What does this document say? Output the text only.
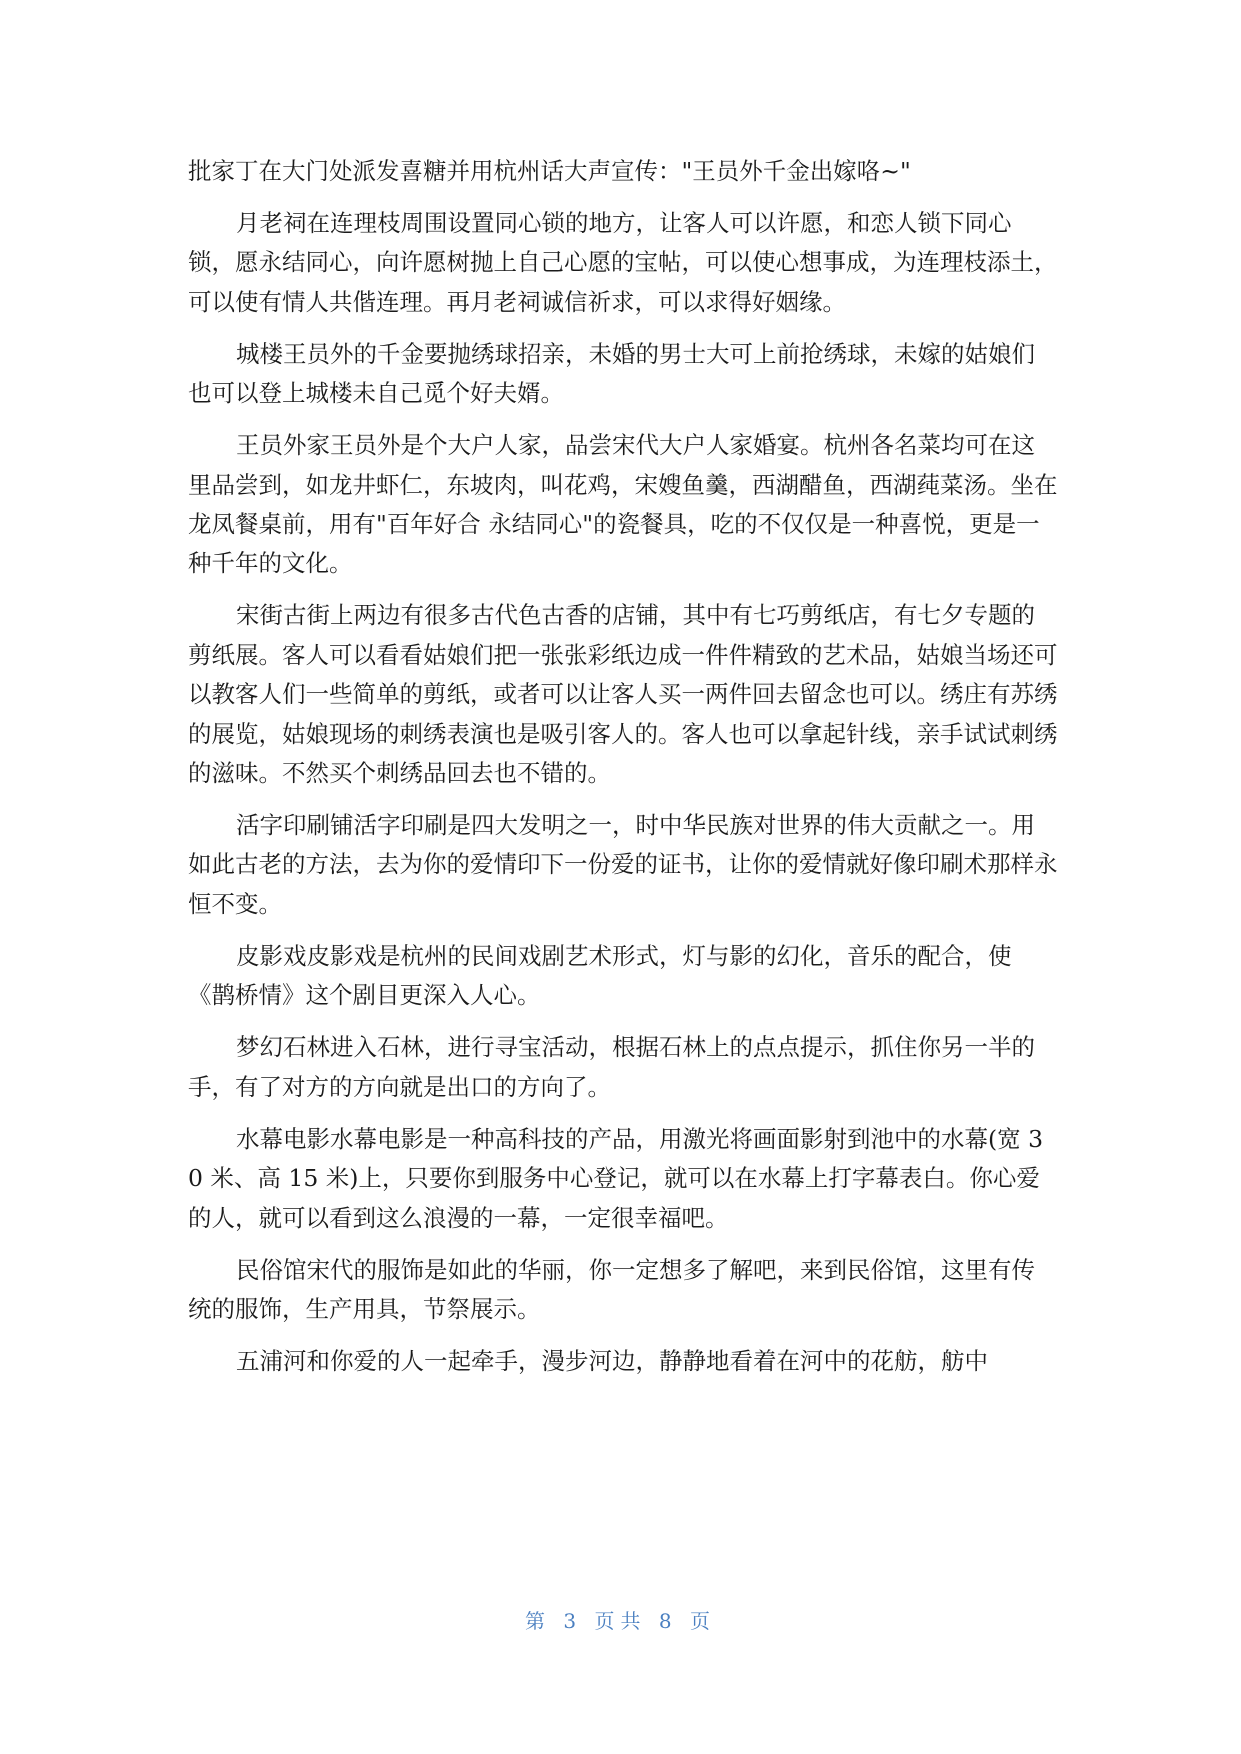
批家丁在大门处派发喜糖并用杭州话大声宣传："王员外千金出嫁咯~"

月老祠在连理枝周围设置同心锁的地方，让客人可以许愿，和恋人锁下同心锁，愿永结同心，向许愿树抛上自己心愿的宝帖，可以使心想事成，为连理枝添土，可以使有情人共偕连理。再月老祠诚信祈求，可以求得好姻缘。

城楼王员外的千金要抛绣球招亲，未婚的男士大可上前抢绣球，未嫁的姑娘们也可以登上城楼未自己觅个好夫婿。

王员外家王员外是个大户人家，品尝宋代大户人家婚宴。杭州各名菜均可在这里品尝到，如龙井虾仁，东坡肉，叫花鸡，宋嫂鱼羹，西湖醋鱼，西湖莼菜汤。坐在龙凤餐桌前，用有"百年好合 永结同心"的瓷餐具，吃的不仅仅是一种喜悦，更是一种千年的文化。

宋街古街上两边有很多古代色古香的店铺，其中有七巧剪纸店，有七夕专题的剪纸展。客人可以看看姑娘们把一张张彩纸边成一件件精致的艺术品，姑娘当场还可以教客人们一些简单的剪纸，或者可以让客人买一两件回去留念也可以。绣庄有苏绣的展览，姑娘现场的刺绣表演也是吸引客人的。客人也可以拿起针线，亲手试试刺绣的滋味。不然买个刺绣品回去也不错的。

活字印刷铺活字印刷是四大发明之一，时中华民族对世界的伟大贡献之一。用如此古老的方法，去为你的爱情印下一份爱的证书，让你的爱情就好像印刷术那样永恒不变。

皮影戏皮影戏是杭州的民间戏剧艺术形式，灯与影的幻化，音乐的配合，使《鹊桥情》这个剧目更深入人心。

梦幻石林进入石林，进行寻宝活动，根据石林上的点点提示，抓住你另一半的手，有了对方的方向就是出口的方向了。

水幕电影水幕电影是一种高科技的产品，用激光将画面影射到池中的水幕(宽 30 米、高 15 米)上，只要你到服务中心登记，就可以在水幕上打字幕表白。你心爱的人，就可以看到这么浪漫的一幕，一定很幸福吧。

民俗馆宋代的服饰是如此的华丽，你一定想多了解吧，来到民俗馆，这里有传统的服饰，生产用具，节祭展示。

五浦河和你爱的人一起牵手，漫步河边，静静地看着在河中的花舫，舫中

第 3 页共 8 页
